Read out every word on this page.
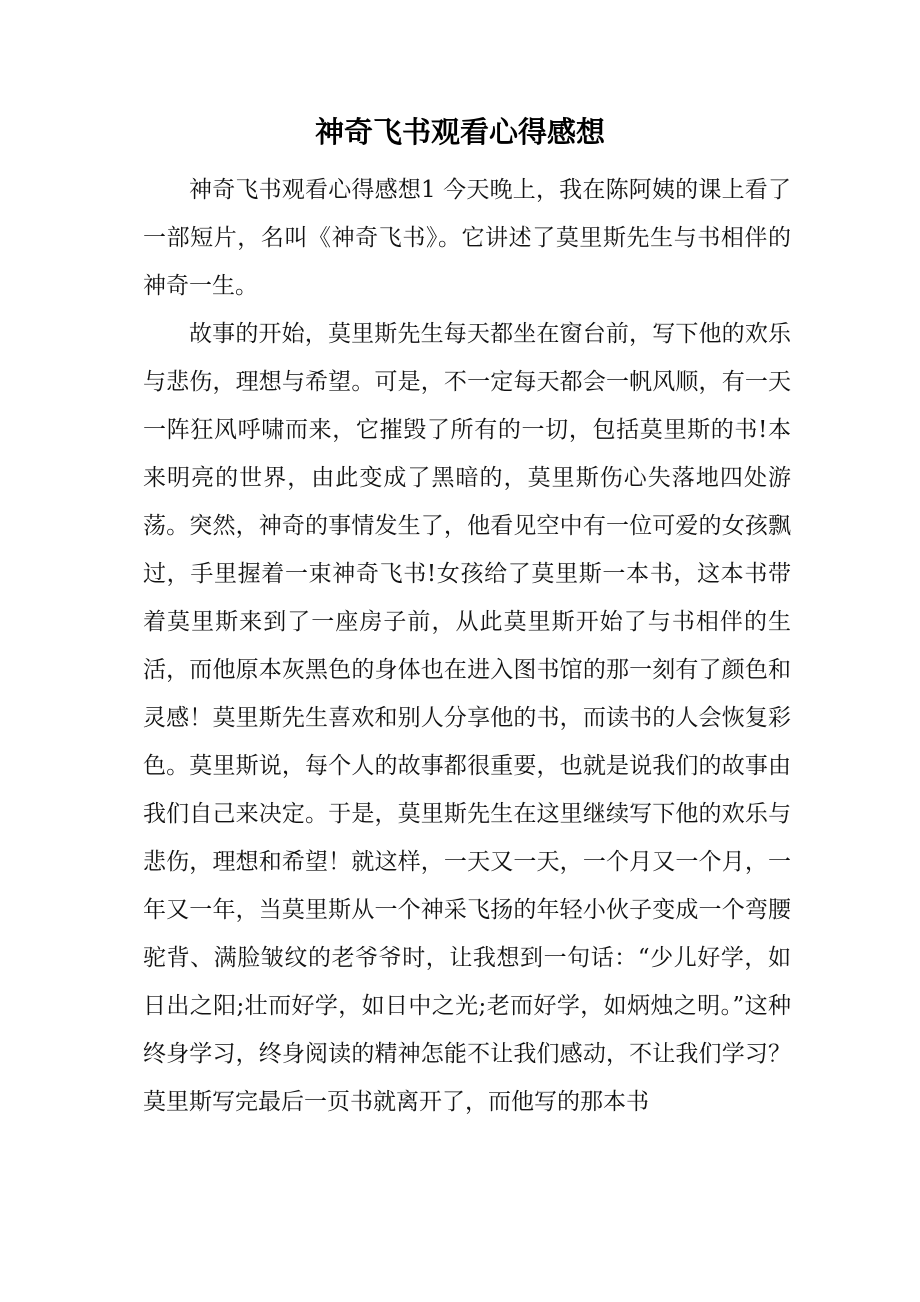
神奇飞书观看心得感想

神奇飞书观看心得感想1 今天晚上，我在陈阿姨的课上看了一部短片，名叫《神奇飞书》。它讲述了莫里斯先生与书相伴的神奇一生。

故事的开始，莫里斯先生每天都坐在窗台前，写下他的欢乐与悲伤，理想与希望。可是，不一定每天都会一帆风顺，有一天一阵狂风呼啸而来，它摧毁了所有的一切，包括莫里斯的书!本来明亮的世界，由此变成了黑暗的，莫里斯伤心失落地四处游荡。突然，神奇的事情发生了，他看见空中有一位可爱的女孩飘过，手里握着一束神奇飞书!女孩给了莫里斯一本书，这本书带着莫里斯来到了一座房子前，从此莫里斯开始了与书相伴的生活，而他原本灰黑色的身体也在进入图书馆的那一刻有了颜色和灵感！莫里斯先生喜欢和别人分享他的书，而读书的人会恢复彩色。莫里斯说，每个人的故事都很重要，也就是说我们的故事由我们自己来决定。于是，莫里斯先生在这里继续写下他的欢乐与悲伤，理想和希望！就这样，一天又一天，一个月又一个月，一年又一年，当莫里斯从一个神采飞扬的年轻小伙子变成一个弯腰驼背、满脸皱纹的老爷爷时，让我想到一句话：“少儿好学，如日出之阳;壮而好学，如日中之光;老而好学，如炳烛之明。”这种终身学习，终身阅读的精神怎能不让我们感动，不让我们学习？莫里斯写完最后一页书就离开了，而他写的那本书
